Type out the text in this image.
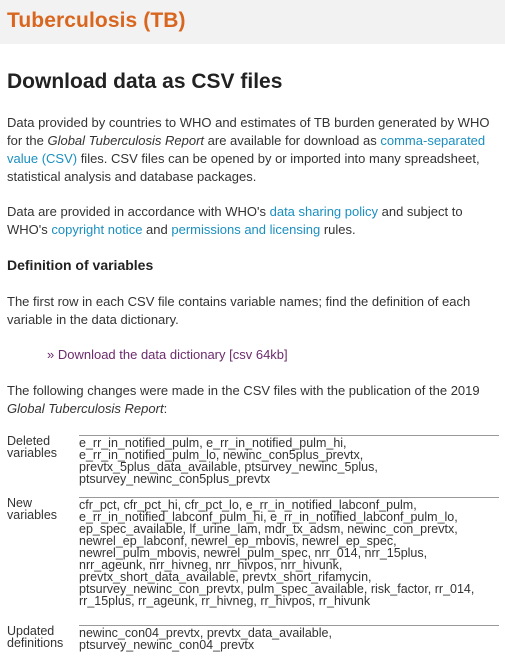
Tuberculosis (TB)
Download data as CSV files

Data provided by countries to WHO and estimates of TB burden generated by WHO for the Global Tuberculosis Report are available for download as comma-separated value (CSV) files. CSV files can be opened by or imported into many spreadsheet, statistical analysis and database packages.

Data are provided in accordance with WHO's data sharing policy and subject to WHO's copyright notice and permissions and licensing rules.

Definition of variables

The first row in each CSV file contains variable names; find the definition of each variable in the data dictionary.

» Download the data dictionary [csv 64kb]

The following changes were made in the CSV files with the publication of the 2019 Global Tuberculosis Report:

Deleted variables
e_rr_in_notified_pulm, e_rr_in_notified_pulm_hi,
e_rr_in_notified_pulm_lo, newinc_con5plus_prevtx,
prevtx_5plus_data_available, ptsurvey_newinc_5plus,
ptsurvey_newinc_con5plus_prevtx
New variables
cfr_pct, cfr_pct_hi, cfr_pct_lo, e_rr_in_notified_labconf_pulm,
e_rr_in_notified_labconf_pulm_hi, e_rr_in_notified_labconf_pulm_lo,
ep_spec_available, lf_urine_lam, mdr_tx_adsm, newinc_con_prevtx,
newrel_ep_labconf, newrel_ep_mbovis, newrel_ep_spec,
newrel_pulm_mbovis, newrel_pulm_spec, nrr_014, nrr_15plus,
nrr_ageunk, nrr_hivneg, nrr_hivpos, nrr_hivunk,
prevtx_short_data_available, prevtx_short_rifamycin,
ptsurvey_newinc_con_prevtx, pulm_spec_available, risk_factor, rr_014,
rr_15plus, rr_ageunk, rr_hivneg, rr_hivpos, rr_hivunk
Updated definitions
newinc_con04_prevtx, prevtx_data_available,
ptsurvey_newinc_con04_prevtx
